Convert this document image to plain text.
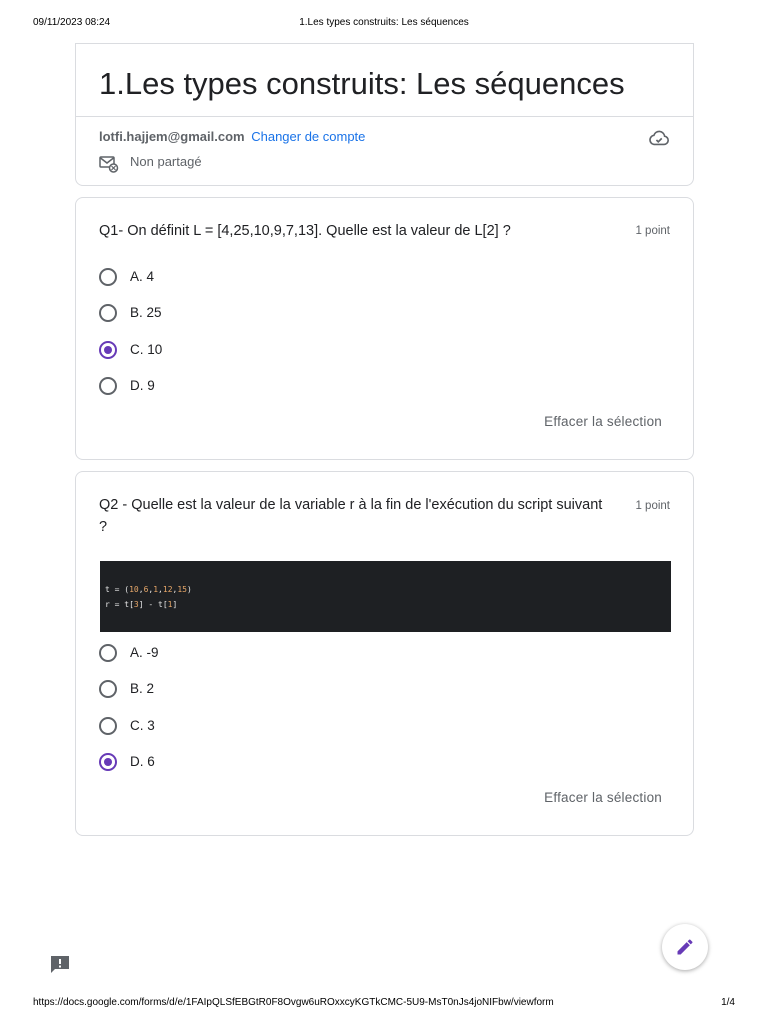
09/11/2023 08:24	1.Les types construits: Les séquences
1.Les types construits: Les séquences
lotfi.hajjem@gmail.com Changer de compte
Non partagé
Q1- On définit L = [4,25,10,9,7,13]. Quelle est la valeur de L[2] ?	1 point
A. 4
B. 25
C. 10
D. 9
Effacer la sélection
Q2 - Quelle est la valeur de la variable r à la fin de l'exécution du script suivant
?
1 point
t = (10,6,1,12,15)
r = t[3] - t[1]
A. -9
B. 2
C. 3
D. 6
Effacer la sélection
https://docs.google.com/forms/d/e/1FAIpQLSfEBGtR0F8Ovgw6uROxxcyKGTkCMC-5U9-MsT0nJs4joNIFbw/viewform	1/4
